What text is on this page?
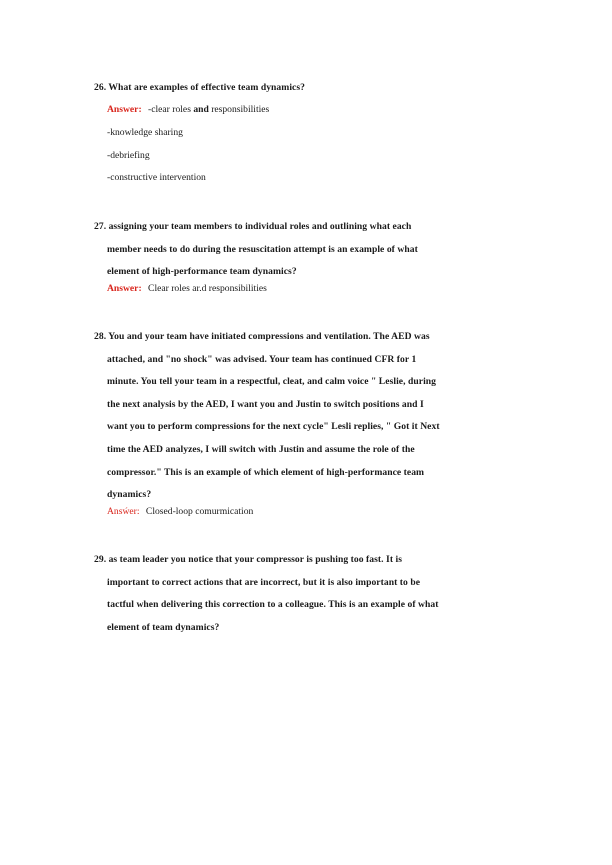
26. What are examples of effective team dynamics?
Answer: -clear roles and responsibilities
-knowledge sharing
-debriefing
-constructive intervention
27. assigning your team members to individual roles and outlining what each
member needs to do during the resuscitation attempt is an example of what
element of high-performance team dynamics?
Answer: Clear roles ar.d responsibilities
28. You and your team have initiated compressions and ventilation. The AED was
attached, and "no shock" was advised. Your team has continued CFR for 1
minute. You tell your team in a respectful, cleat, and calm voice " Leslie, during
the next analysis by the AED, I want you and Justin to switch positions and I
want you to perform compressions for the next cycle" Lesli replies, " Got it Next
time the AED analyzes, I will switch with Justin and assume the role of the
compressor." This is an example of which element of high-performance team
dynamics?
Ansẃer: Closed-loop comurmication
29. as team leader you notice that your compressor is pushing too fast. It is
important to correct actions that are incorrect, but it is also important to be
tactful when delivering this correction to a colleague. This is an example of what
element of team dynamics?
